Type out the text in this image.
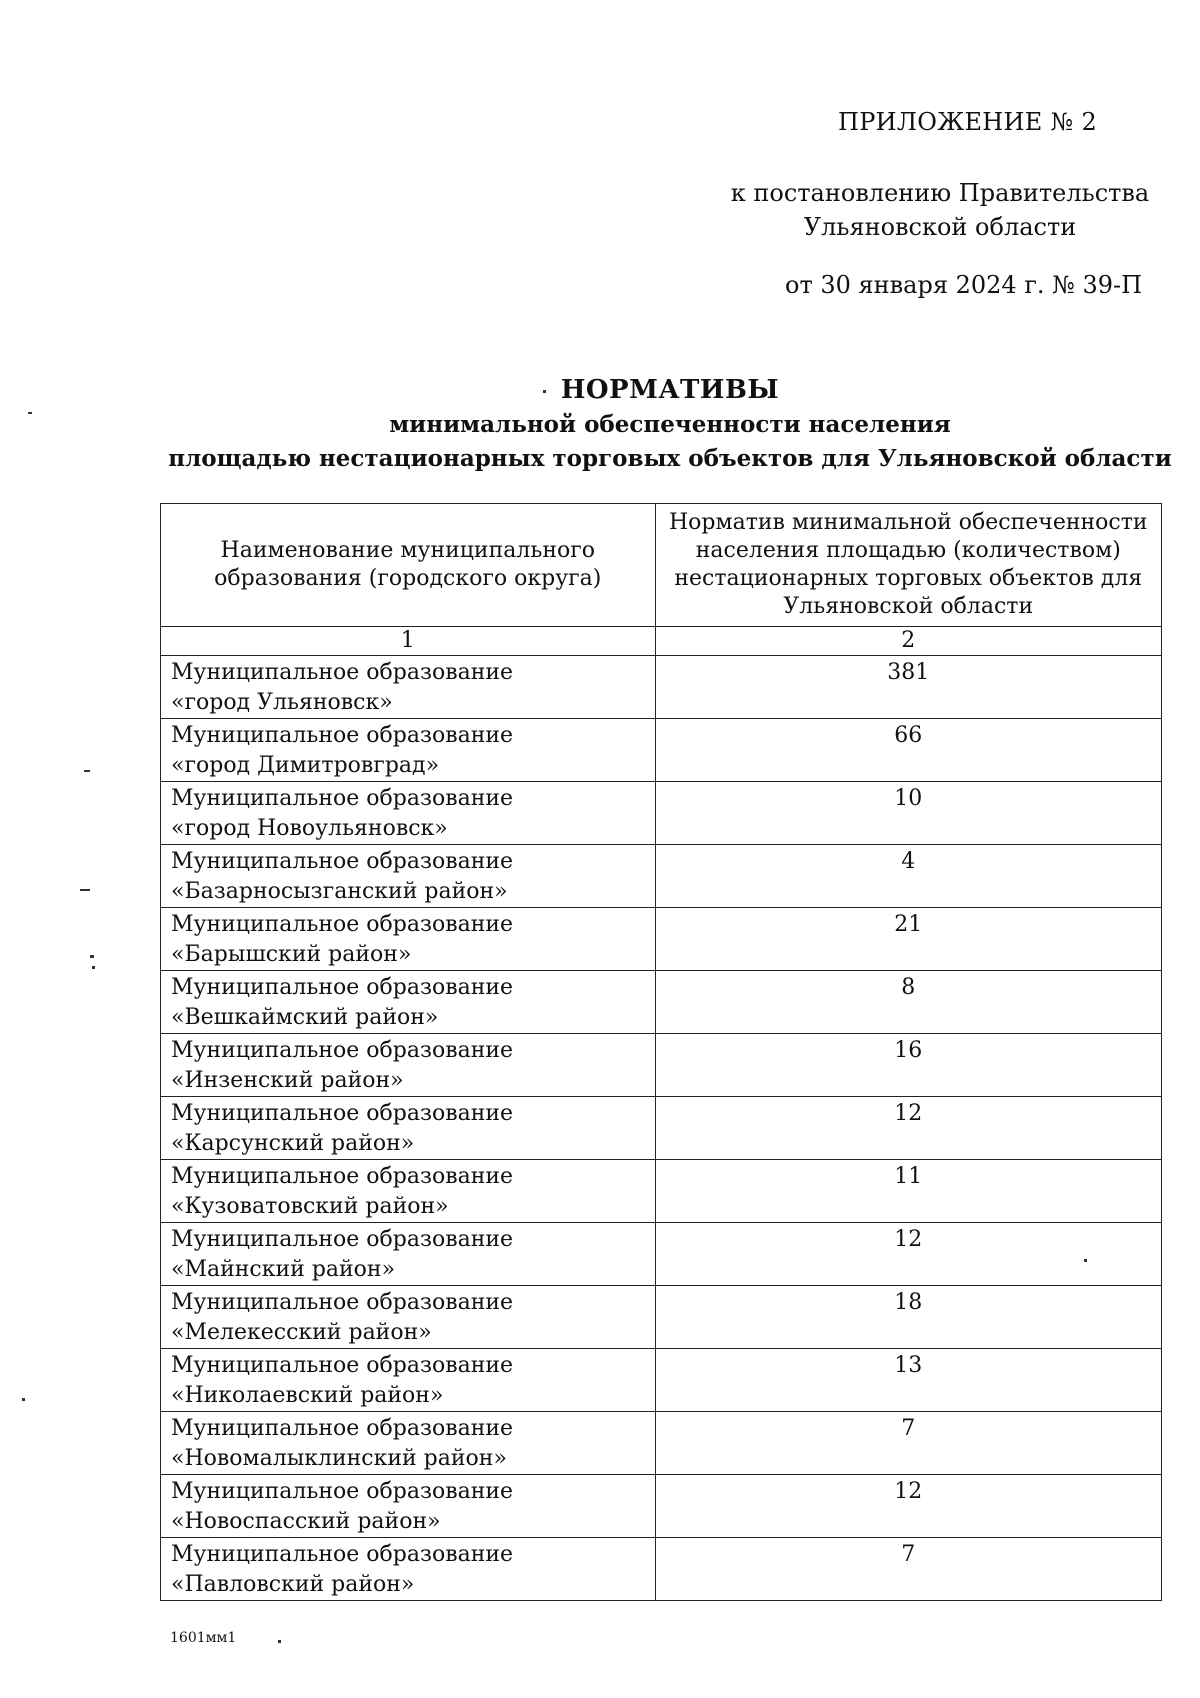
ПРИЛОЖЕНИЕ № 2
к постановлению Правительства
Ульяновской области
от 30 января 2024 г. № 39-П
НОРМАТИВЫ
минимальной обеспеченности населения
площадью нестационарных торговых объектов для Ульяновской области
Наименование муниципального образования (городского округа)	Норматив минимальной обеспеченности населения площадью (количеством) нестационарных торговых объектов для Ульяновской области
1	2

Муниципальное образование
«город Ульяновск»	381

Муниципальное образование
«город Димитровград»	66

Муниципальное образование
«город Новоульяновск»	10

Муниципальное образование
«Базарносызганский район»	4

Муниципальное образование
«Барышский район»	21

Муниципальное образование
«Вешкаймский район»	8

Муниципальное образование
«Инзенский район»	16

Муниципальное образование
«Карсунский район»	12

Муниципальное образование
«Кузоватовский район»	11

Муниципальное образование
«Майнский район»	12

Муниципальное образование
«Мелекесский район»	18

Муниципальное образование
«Николаевский район»	13

Муниципальное образование
«Новомалыклинский район»	7

Муниципальное образование
«Новоспасский район»	12

Муниципальное образование
«Павловский район»	7
1601мм1
